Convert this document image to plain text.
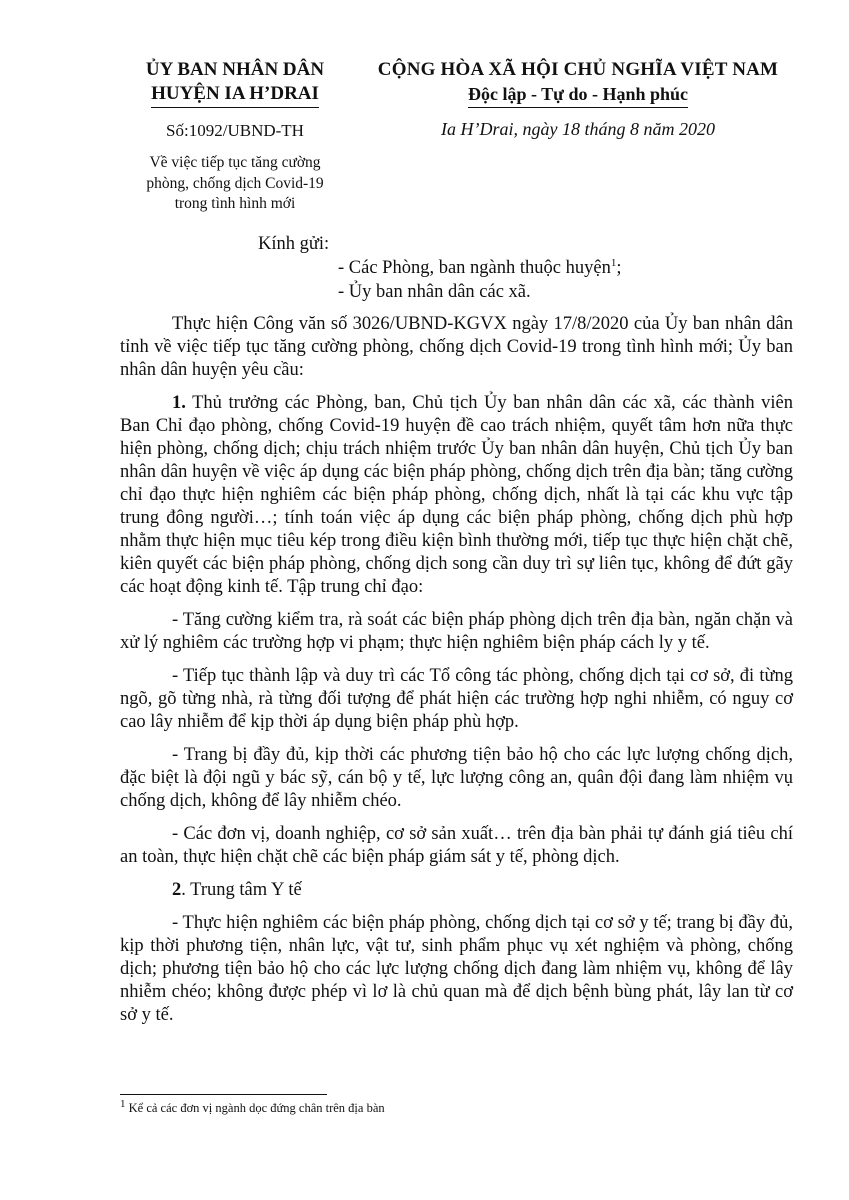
ỦY BAN NHÂN DÂN
HUYỆN IA H’DRAI
CỘNG HÒA XÃ HỘI CHỦ NGHĨA VIỆT NAM
Độc lập - Tự do - Hạnh phúc
Số:1092/UBND-TH	Ia H’Drai, ngày 18 tháng 8 năm 2020
Về việc tiếp tục tăng cường
phòng, chống dịch Covid-19
trong tình hình mới
Kính gửi:
- Các Phòng, ban ngành thuộc huyện$^1$;
- Ủy ban nhân dân các xã.

Thực hiện Công văn số 3026/UBND-KGVX ngày 17/8/2020 của Ủy ban nhân dân tỉnh về việc tiếp tục tăng cường phòng, chống dịch Covid-19 trong tình hình mới; Ủy ban nhân dân huyện yêu cầu:

1. Thủ trưởng các Phòng, ban, Chủ tịch Ủy ban nhân dân các xã, các thành viên Ban Chỉ đạo phòng, chống Covid-19 huyện đề cao trách nhiệm, quyết tâm hơn nữa thực hiện phòng, chống dịch; chịu trách nhiệm trước Ủy ban nhân dân huyện, Chủ tịch Ủy ban nhân dân huyện về việc áp dụng các biện pháp phòng, chống dịch trên địa bàn; tăng cường chỉ đạo thực hiện nghiêm các biện pháp phòng, chống dịch, nhất là tại các khu vực tập trung đông người…; tính toán việc áp dụng các biện pháp phòng, chống dịch phù hợp nhằm thực hiện mục tiêu kép trong điều kiện bình thường mới, tiếp tục thực hiện chặt chẽ, kiên quyết các biện pháp phòng, chống dịch song cần duy trì sự liên tục, không để đứt gãy các hoạt động kinh tế. Tập trung chỉ đạo:

- Tăng cường kiểm tra, rà soát các biện pháp phòng dịch trên địa bàn, ngăn chặn và xử lý nghiêm các trường hợp vi phạm; thực hiện nghiêm biện pháp cách ly y tế.

- Tiếp tục thành lập và duy trì các Tổ công tác phòng, chống dịch tại cơ sở, đi từng ngõ, gõ từng nhà, rà từng đối tượng để phát hiện các trường hợp nghi nhiễm, có nguy cơ cao lây nhiễm để kịp thời áp dụng biện pháp phù hợp.

- Trang bị đầy đủ, kịp thời các phương tiện bảo hộ cho các lực lượng chống dịch, đặc biệt là đội ngũ y bác sỹ, cán bộ y tế, lực lượng công an, quân đội đang làm nhiệm vụ chống dịch, không để lây nhiễm chéo.

- Các đơn vị, doanh nghiệp, cơ sở sản xuất… trên địa bàn phải tự đánh giá tiêu chí an toàn, thực hiện chặt chẽ các biện pháp giám sát y tế, phòng dịch.

2. Trung tâm Y tế

- Thực hiện nghiêm các biện pháp phòng, chống dịch tại cơ sở y tế; trang bị đầy đủ, kịp thời phương tiện, nhân lực, vật tư, sinh phẩm phục vụ xét nghiệm và phòng, chống dịch; phương tiện bảo hộ cho các lực lượng chống dịch đang làm nhiệm vụ, không để lây nhiễm chéo; không được phép vì lơ là chủ quan mà để dịch bệnh bùng phát, lây lan từ cơ sở y tế.

$^1$ Kể cả các đơn vị ngành dọc đứng chân trên địa bàn
